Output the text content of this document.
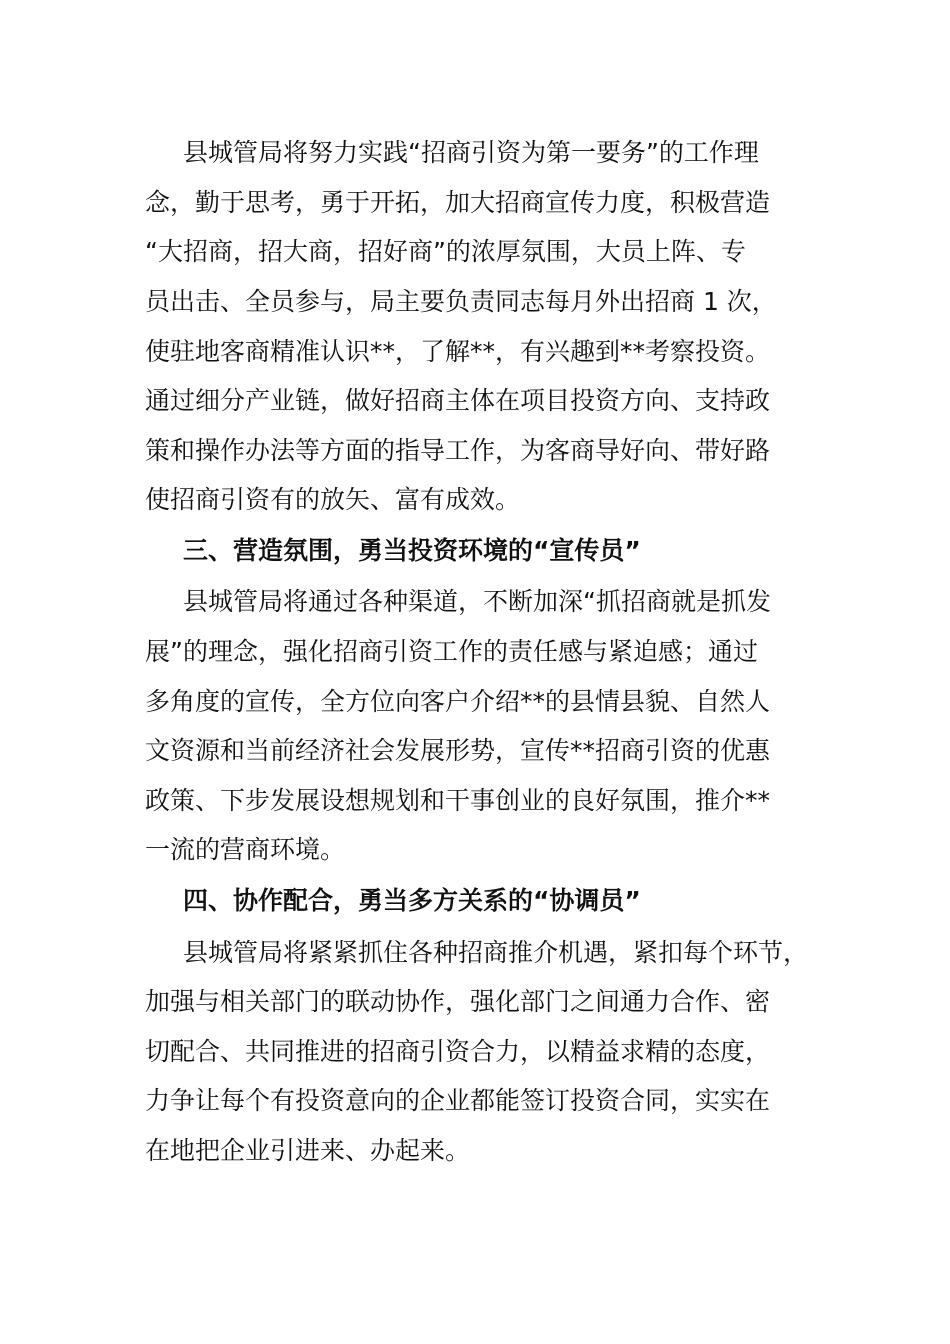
县城管局将努力实践“招商引资为第一要务”的工作理
念，勤于思考，勇于开拓，加大招商宣传力度，积极营造
“大招商，招大商，招好商”的浓厚氛围，大员上阵、专
员出击、全员参与，局主要负责同志每月外出招商 1 次，
使驻地客商精准认识**，了解**，有兴趣到**考察投资。
通过细分产业链，做好招商主体在项目投资方向、支持政
策和操作办法等方面的指导工作，为客商导好向、带好路
使招商引资有的放矢、富有成效。
三、营造氛围，勇当投资环境的“宣传员”
县城管局将通过各种渠道，不断加深“抓招商就是抓发
展”的理念，强化招商引资工作的责任感与紧迫感；通过
多角度的宣传，全方位向客户介绍**的县情县貌、自然人
文资源和当前经济社会发展形势，宣传**招商引资的优惠
政策、下步发展设想规划和干事创业的良好氛围，推介**
一流的营商环境。
四、协作配合，勇当多方关系的“协调员”
县城管局将紧紧抓住各种招商推介机遇，紧扣每个环节，
加强与相关部门的联动协作，强化部门之间通力合作、密
切配合、共同推进的招商引资合力，以精益求精的态度，
力争让每个有投资意向的企业都能签订投资合同，实实在
在地把企业引进来、办起来。
